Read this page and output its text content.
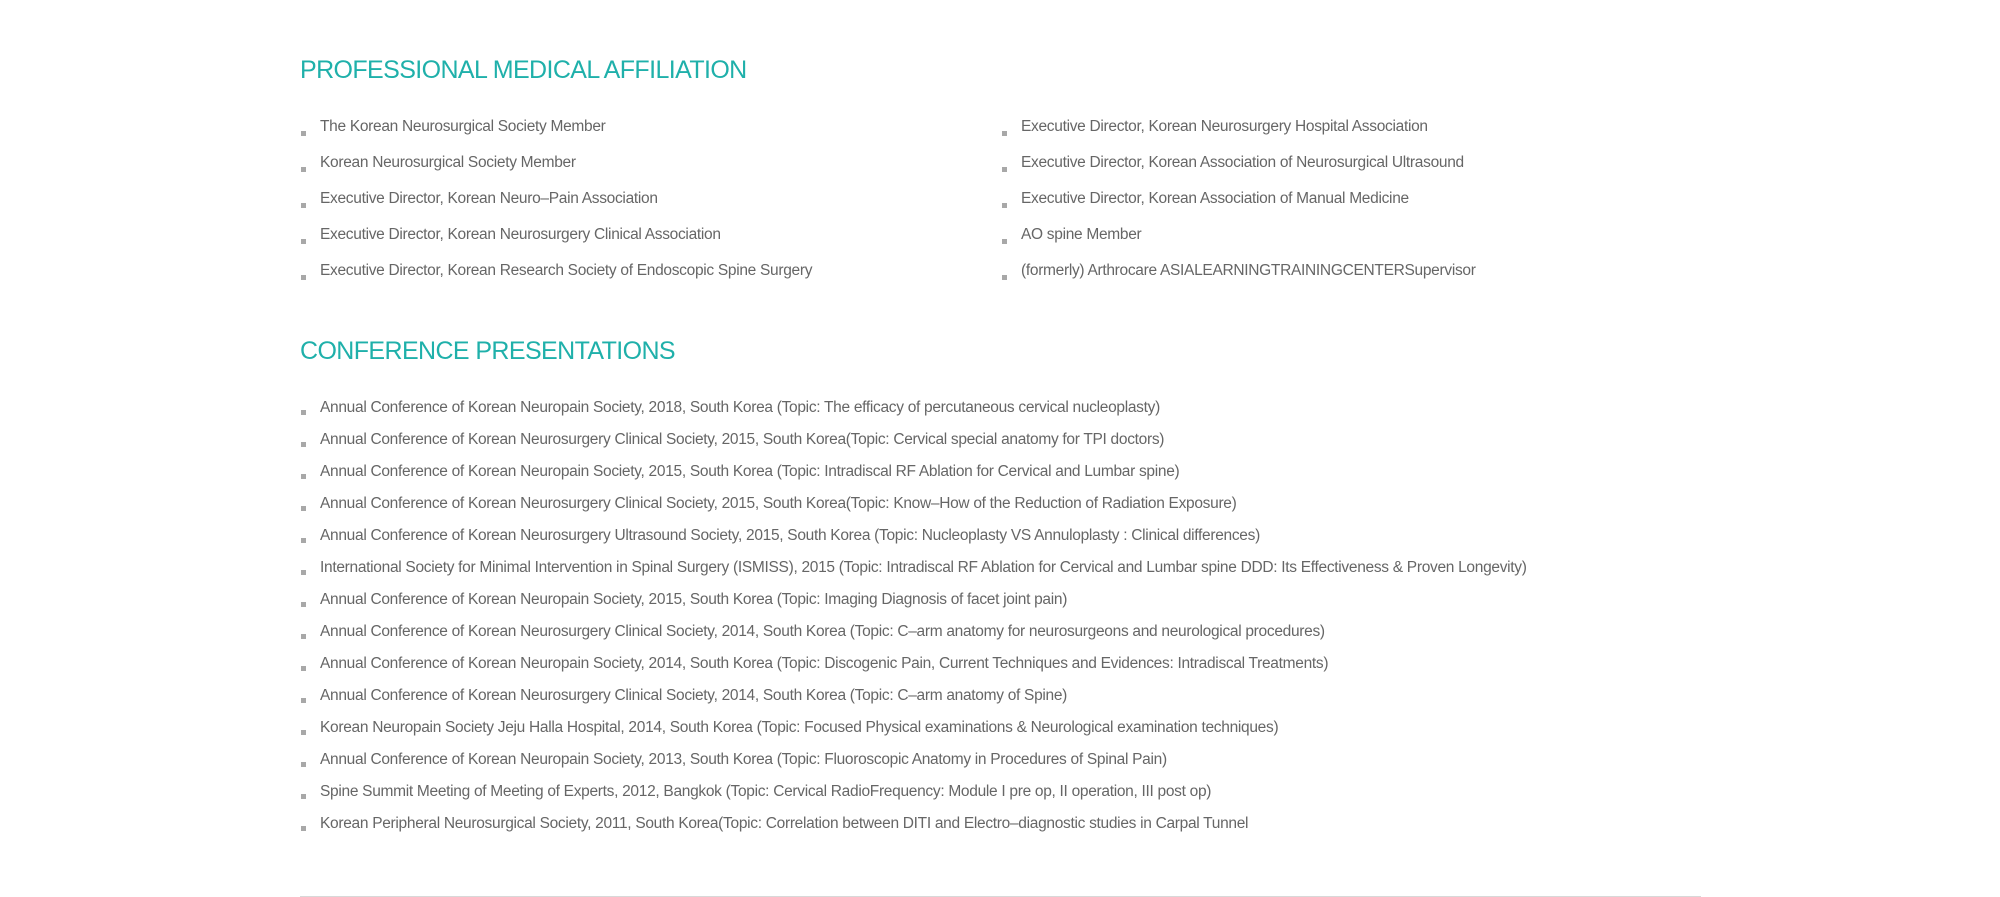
PROFESSIONAL MEDICAL AFFILIATION
The Korean Neurosurgical Society Member
Korean Neurosurgical Society Member
Executive Director, Korean Neuro–Pain Association
Executive Director, Korean Neurosurgery Clinical Association
Executive Director, Korean Research Society of Endoscopic Spine Surgery
Executive Director, Korean Neurosurgery Hospital Association
Executive Director, Korean Association of Neurosurgical Ultrasound
Executive Director, Korean Association of Manual Medicine
AO spine Member
(formerly) Arthrocare ASIALEARNINGTRAININGCENTERSupervisor
CONFERENCE PRESENTATIONS
Annual Conference of Korean Neuropain Society, 2018, South Korea (Topic: The efficacy of percutaneous cervical nucleoplasty)
Annual Conference of Korean Neurosurgery Clinical Society, 2015, South Korea(Topic: Cervical special anatomy for TPI doctors)
Annual Conference of Korean Neuropain Society, 2015, South Korea (Topic: Intradiscal RF Ablation for Cervical and Lumbar spine)
Annual Conference of Korean Neurosurgery Clinical Society, 2015, South Korea(Topic: Know–How of the Reduction of Radiation Exposure)
Annual Conference of Korean Neurosurgery Ultrasound Society, 2015, South Korea (Topic: Nucleoplasty VS Annuloplasty : Clinical differences)
International Society for Minimal Intervention in Spinal Surgery (ISMISS), 2015 (Topic: Intradiscal RF Ablation for Cervical and Lumbar spine DDD: Its Effectiveness & Proven Longevity)
Annual Conference of Korean Neuropain Society, 2015, South Korea (Topic: Imaging Diagnosis of facet joint pain)
Annual Conference of Korean Neurosurgery Clinical Society, 2014, South Korea (Topic: C–arm anatomy for neurosurgeons and neurological procedures)
Annual Conference of Korean Neuropain Society, 2014, South Korea (Topic: Discogenic Pain, Current Techniques and Evidences: Intradiscal Treatments)
Annual Conference of Korean Neurosurgery Clinical Society, 2014, South Korea (Topic: C–arm anatomy of Spine)
Korean Neuropain Society Jeju Halla Hospital, 2014, South Korea (Topic: Focused Physical examinations & Neurological examination techniques)
Annual Conference of Korean Neuropain Society, 2013, South Korea (Topic: Fluoroscopic Anatomy in Procedures of Spinal Pain)
Spine Summit Meeting of Meeting of Experts, 2012, Bangkok (Topic: Cervical RadioFrequency: Module I pre op, II operation, III post op)
Korean Peripheral Neurosurgical Society, 2011, South Korea(Topic: Correlation between DITI and Electro–diagnostic studies in Carpal Tunnel
